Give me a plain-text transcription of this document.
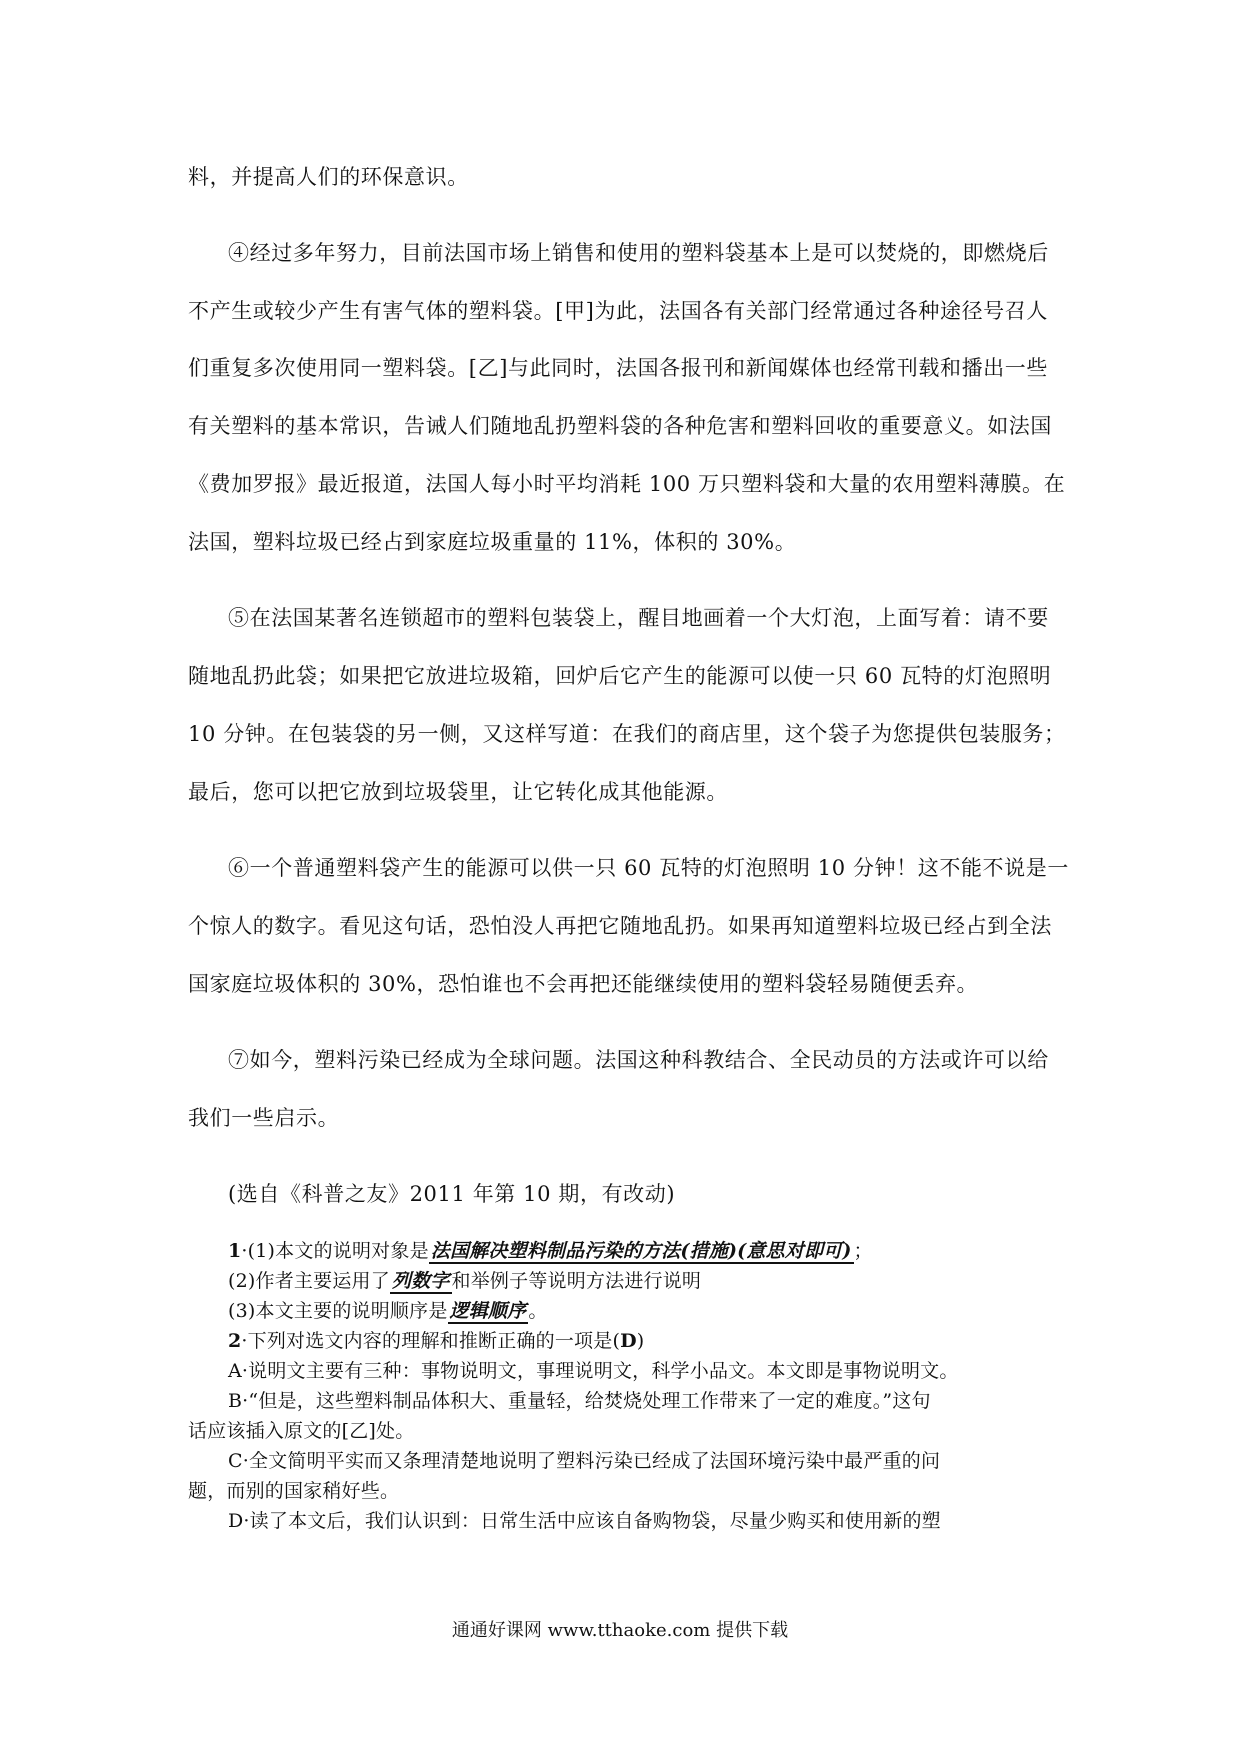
料，并提高人们的环保意识。
④经过多年努力，目前法国市场上销售和使用的塑料袋基本上是可以焚烧的，即燃烧后
不产生或较少产生有害气体的塑料袋。[甲]为此，法国各有关部门经常通过各种途径号召人
们重复多次使用同一塑料袋。[乙]与此同时，法国各报刊和新闻媒体也经常刊载和播出一些
有关塑料的基本常识，告诫人们随地乱扔塑料袋的各种危害和塑料回收的重要意义。如法国
《费加罗报》最近报道，法国人每小时平均消耗 100 万只塑料袋和大量的农用塑料薄膜。在
法国，塑料垃圾已经占到家庭垃圾重量的 11%，体积的 30%。
⑤在法国某著名连锁超市的塑料包装袋上，醒目地画着一个大灯泡，上面写着：请不要
随地乱扔此袋；如果把它放进垃圾箱，回炉后它产生的能源可以使一只 60 瓦特的灯泡照明
10 分钟。在包装袋的另一侧，又这样写道：在我们的商店里，这个袋子为您提供包装服务；
最后，您可以把它放到垃圾袋里，让它转化成其他能源。
⑥一个普通塑料袋产生的能源可以供一只 60 瓦特的灯泡照明 10 分钟！这不能不说是一
个惊人的数字。看见这句话，恐怕没人再把它随地乱扔。如果再知道塑料垃圾已经占到全法
国家庭垃圾体积的 30%，恐怕谁也不会再把还能继续使用的塑料袋轻易随便丢弃。
⑦如今，塑料污染已经成为全球问题。法国这种科教结合、全民动员的方法或许可以给
我们一些启示。
(选自《科普之友》2011 年第 10 期，有改动)
1·(1)本文的说明对象是 法国解决塑料制品污染的方法(措施)(意思对即可) ；
(2)作者主要运用了 列数字 和举例子等说明方法进行说明
(3)本文主要的说明顺序是 逻辑顺序 。
2·下列对选文内容的理解和推断正确的一项是(D)
A·说明文主要有三种：事物说明文，事理说明文，科学小品文。本文即是事物说明文。
B·“但是，这些塑料制品体积大、重量轻，给焚烧处理工作带来了一定的难度。”这句
话应该插入原文的[乙]处。
C·全文简明平实而又条理清楚地说明了塑料污染已经成了法国环境污染中最严重的问
题，而别的国家稍好些。
D·读了本文后，我们认识到：日常生活中应该自备购物袋，尽量少购买和使用新的塑
通通好课网 www.tthaoke.com 提供下载
